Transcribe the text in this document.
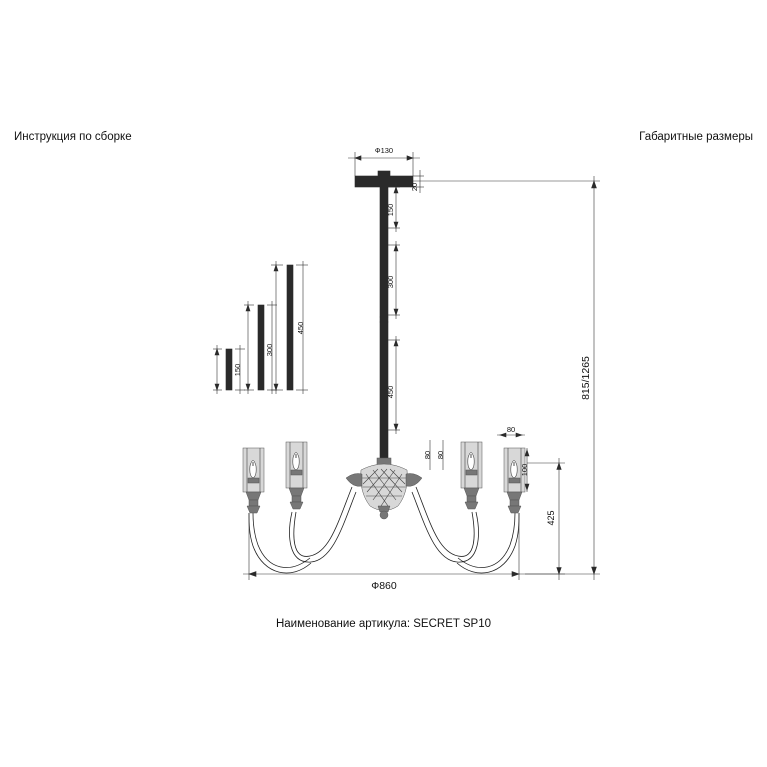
Инструкция по сборке	Габаритные размеры
Наименование артикула: SECRET SP10
Ф130
20
150
300
450
450
300
150
80 80
80
100
Ф860
815/1265
425
